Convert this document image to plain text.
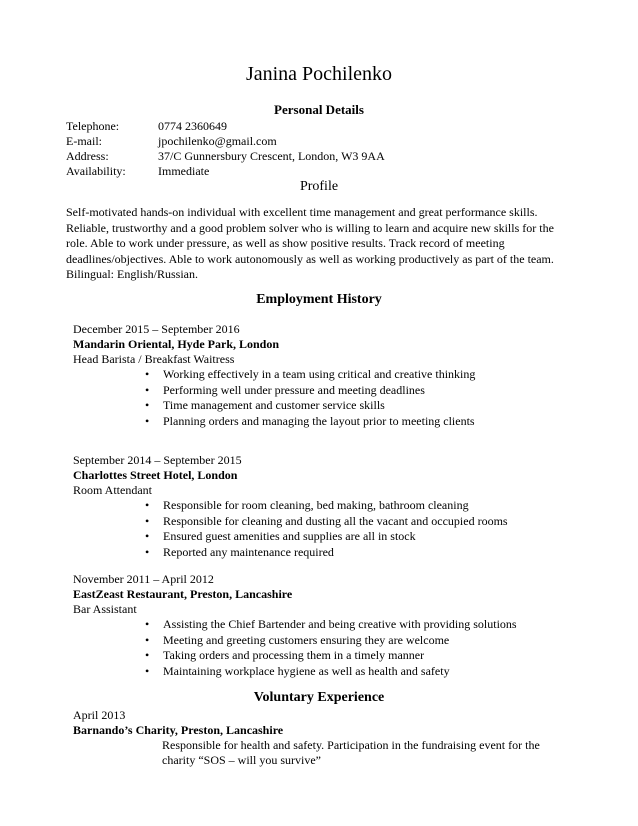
Janina Pochilenko
Personal Details
Telephone:	0774 2360649
E-mail:	jpochilenko@gmail.com
Address:	37/C Gunnersbury Crescent, London, W3 9AA
Availability:	Immediate
Profile
Self-motivated hands-on individual with excellent time management and great performance skills. Reliable, trustworthy and a good problem solver who is willing to learn and acquire new skills for the role. Able to work under pressure, as well as show positive results. Track record of meeting deadlines/objectives. Able to work autonomously as well as working productively as part of the team. Bilingual: English/Russian.
Employment History
December 2015 – September 2016
Mandarin Oriental, Hyde Park, London
Head Barista / Breakfast Waitress
• Working effectively in a team using critical and creative thinking
• Performing well under pressure and meeting deadlines
• Time management and customer service skills
• Planning orders and managing the layout prior to meeting clients
September 2014 – September 2015
Charlottes Street Hotel, London
Room Attendant
• Responsible for room cleaning, bed making, bathroom cleaning
• Responsible for cleaning and dusting all the vacant and occupied rooms
• Ensured guest amenities and supplies are all in stock
• Reported any maintenance required
November 2011 – April 2012
EastZeast Restaurant, Preston, Lancashire
Bar Assistant
• Assisting the Chief Bartender and being creative with providing solutions
• Meeting and greeting customers ensuring they are welcome
• Taking orders and processing them in a timely manner
• Maintaining workplace hygiene as well as health and safety
Voluntary Experience
April 2013
Barnando’s Charity, Preston, Lancashire
Responsible for health and safety. Participation in the fundraising event for the charity “SOS – will you survive”
